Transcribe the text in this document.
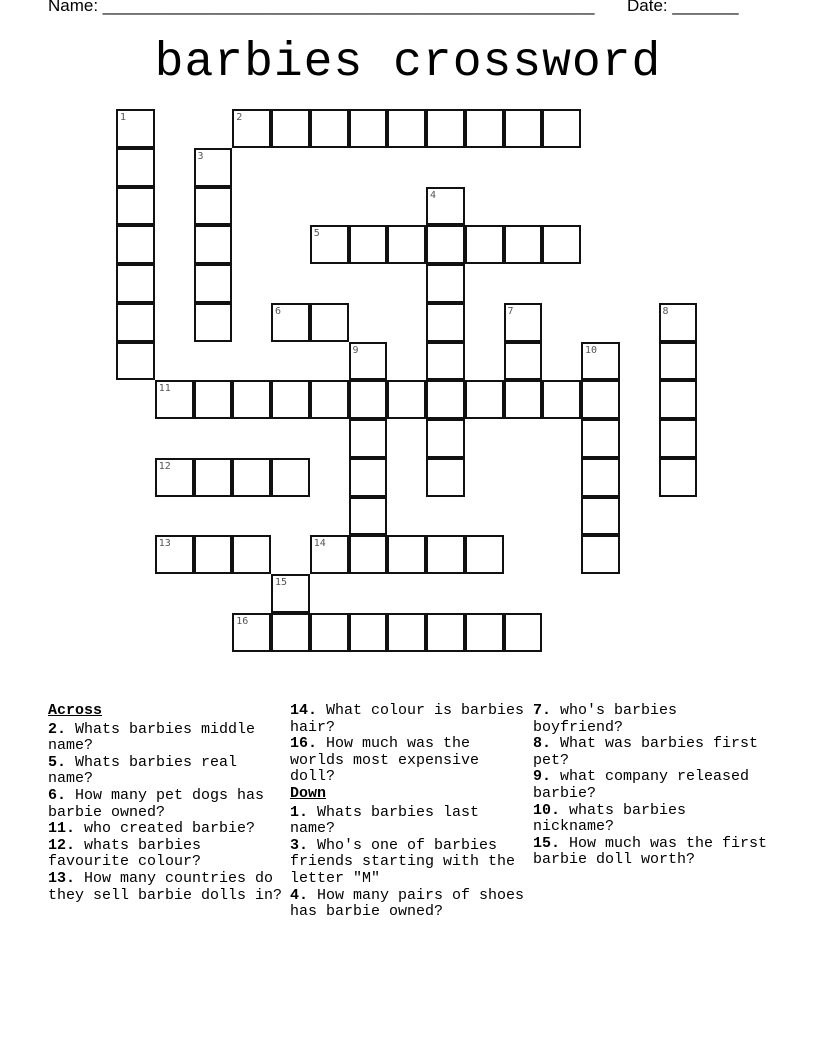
Name: ____________________________________________________ Date: _______
barbies crossword
1	2
3
4
5
6	7	8
9	10
11
12
13	14
15
16
Across
2. Whats barbies middle name?
5. Whats barbies real name?
6. How many pet dogs has barbie owned?
11. who created barbie?
12. whats barbies favourite colour?
13. How many countries do they sell barbie dolls in?
14. What colour is barbies hair?
16. How much was the worlds most expensive doll?
Down
1. Whats barbies last name?
3. Who's one of barbies friends starting with the letter "M"
4. How many pairs of shoes has barbie owned?
7. who's barbies boyfriend?
8. What was barbies first pet?
9. what company released barbie?
10. whats barbies nickname?
15. How much was the first barbie doll worth?
